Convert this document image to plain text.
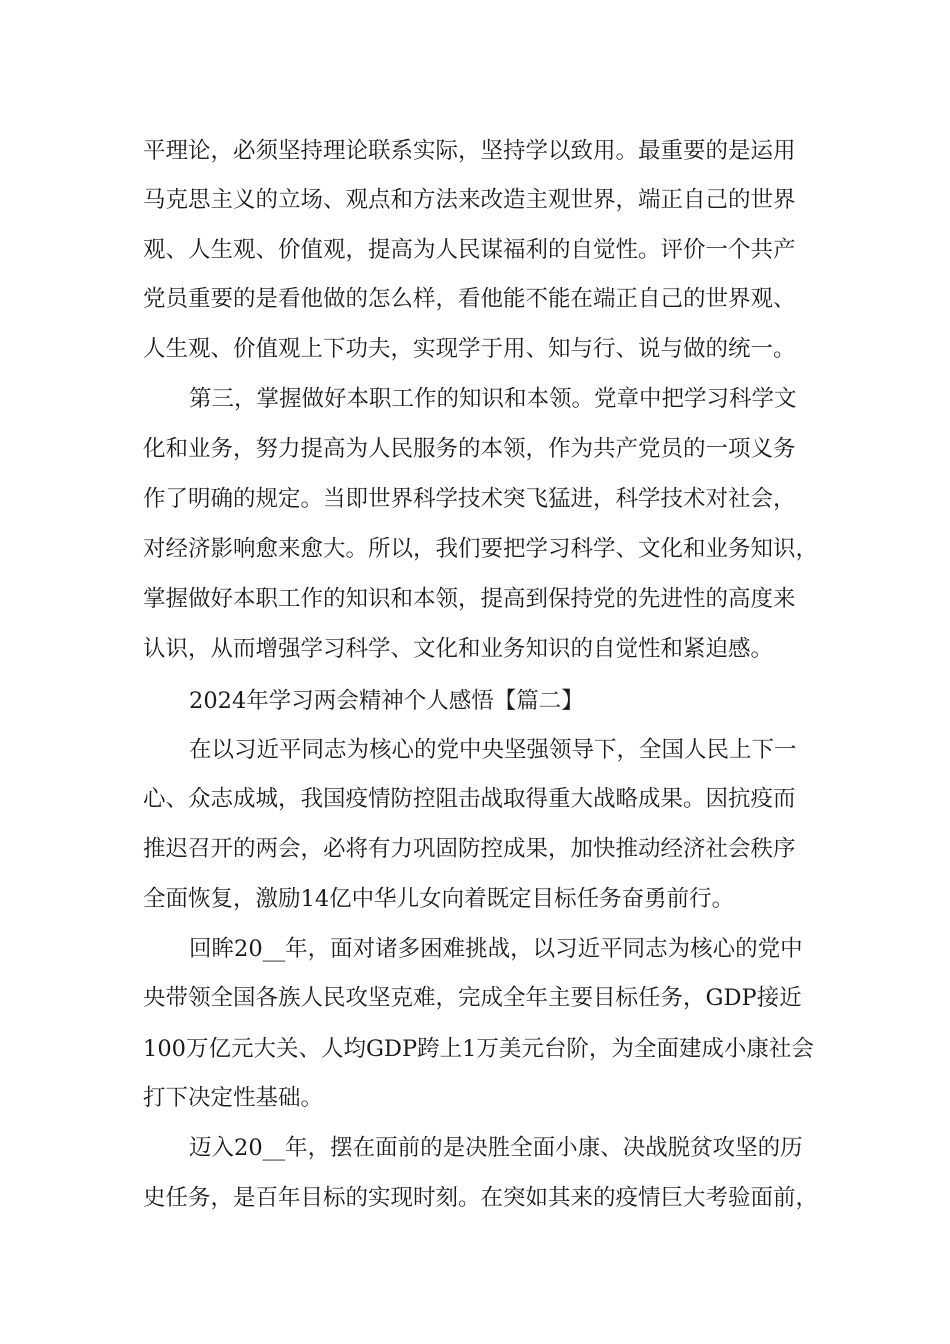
平理论，必须坚持理论联系实际，坚持学以致用。最重要的是运用
马克思主义的立场、观点和方法来改造主观世界，端正自己的世界
观、人生观、价值观，提高为人民谋福利的自觉性。评价一个共产
党员重要的是看他做的怎么样，看他能不能在端正自己的世界观、
人生观、价值观上下功夫，实现学于用、知与行、说与做的统一。
第三，掌握做好本职工作的知识和本领。党章中把学习科学文
化和业务，努力提高为人民服务的本领，作为共产党员的一项义务
作了明确的规定。当即世界科学技术突飞猛进，科学技术对社会，
对经济影响愈来愈大。所以，我们要把学习科学、文化和业务知识，
掌握做好本职工作的知识和本领，提高到保持党的先进性的高度来
认识，从而增强学习科学、文化和业务知识的自觉性和紧迫感。
2024年学习两会精神个人感悟【篇二】
在以习近平同志为核心的党中央坚强领导下，全国人民上下一
心、众志成城，我国疫情防控阻击战取得重大战略成果。因抗疫而
推迟召开的两会，必将有力巩固防控成果，加快推动经济社会秩序
全面恢复，激励14亿中华儿女向着既定目标任务奋勇前行。
回眸20__年，面对诸多困难挑战，以习近平同志为核心的党中
央带领全国各族人民攻坚克难，完成全年主要目标任务，GDP接近
100万亿元大关、人均GDP跨上1万美元台阶，为全面建成小康社会
打下决定性基础。
迈入20__年，摆在面前的是决胜全面小康、决战脱贫攻坚的历
史任务，是百年目标的实现时刻。在突如其来的疫情巨大考验面前，
